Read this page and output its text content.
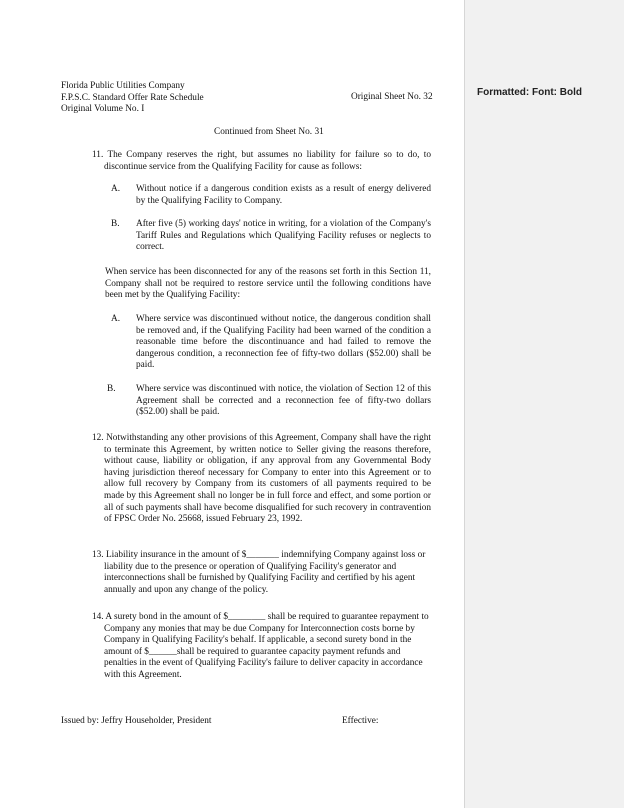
Formatted: Font: Bold
Florida Public Utilities Company
F.P.S.C. Standard Offer Rate Schedule
Original Volume No. I
Original Sheet No. 32
Continued from Sheet No. 31
11. The Company reserves the right, but assumes no liability for failure so to do, to discontinue service from the Qualifying Facility for cause as follows:
A. Without notice if a dangerous condition exists as a result of energy delivered by the Qualifying Facility to Company.
B. After five (5) working days' notice in writing, for a violation of the Company's Tariff Rules and Regulations which Qualifying Facility refuses or neglects to correct.
When service has been disconnected for any of the reasons set forth in this Section 11, Company shall not be required to restore service until the following conditions have been met by the Qualifying Facility:
A. Where service was discontinued without notice, the dangerous condition shall be removed and, if the Qualifying Facility had been warned of the condition a reasonable time before the discontinuance and had failed to remove the dangerous condition, a reconnection fee of fifty-two dollars ($52.00) shall be paid.
B. Where service was discontinued with notice, the violation of Section 12 of this Agreement shall be corrected and a reconnection fee of fifty-two dollars ($52.00) shall be paid.
12. Notwithstanding any other provisions of this Agreement, Company shall have the right to terminate this Agreement, by written notice to Seller giving the reasons therefore, without cause, liability or obligation, if any approval from any Governmental Body having jurisdiction thereof necessary for Company to enter into this Agreement or to allow full recovery by Company from its customers of all payments required to be made by this Agreement shall no longer be in full force and effect, and some portion or all of such payments shall have become disqualified for such recovery in contravention of FPSC Order No. 25668, issued February 23, 1992.
13. Liability insurance in the amount of $_______ indemnifying Company against loss or liability due to the presence or operation of Qualifying Facility's generator and interconnections shall be furnished by Qualifying Facility and certified by his agent annually and upon any change of the policy.
14. A surety bond in the amount of $________ shall be required to guarantee repayment to Company any monies that may be due Company for Interconnection costs borne by Company in Qualifying Facility's behalf. If applicable, a second surety bond in the amount of $______shall be required to guarantee capacity payment refunds and penalties in the event of Qualifying Facility's failure to deliver capacity in accordance with this Agreement.
Issued by: Jeffry Householder, President	Effective:
